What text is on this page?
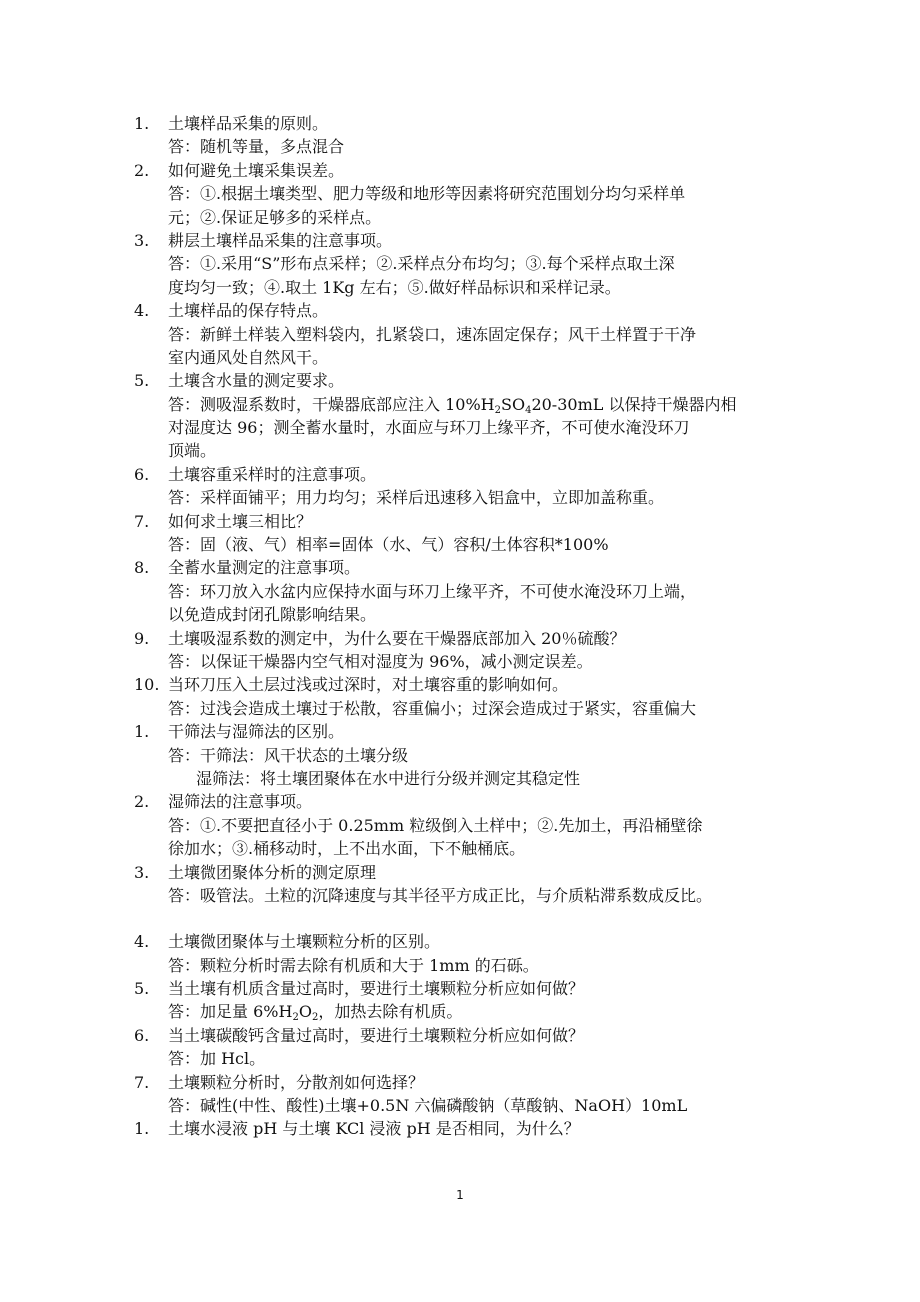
1. 土壤样品采集的原则。
答：随机等量，多点混合
2. 如何避免土壤采集误差。
答：①.根据土壤类型、肥力等级和地形等因素将研究范围划分均匀采样单
元；②.保证足够多的采样点。
3. 耕层土壤样品采集的注意事项。
答：①.采用“S”形布点采样；②.采样点分布均匀；③.每个采样点取土深
度均匀一致；④.取土 1Kg 左右；⑤.做好样品标识和采样记录。
4. 土壤样品的保存特点。
答：新鲜土样装入塑料袋内，扎紧袋口，速冻固定保存；风干土样置于干净
室内通风处自然风干。
5. 土壤含水量的测定要求。
答：测吸湿系数时，干燥器底部应注入 $10\%H_2SO_420-30mL$ 以保持干燥器内相
对湿度达 96；测全蓄水量时，水面应与环刀上缘平齐，不可使水淹没环刀
顶端。
6. 土壤容重采样时的注意事项。
答：采样面铺平；用力均匀；采样后迅速移入铝盒中，立即加盖称重。
7. 如何求土壤三相比？
答：固（液、气）相率=固体（水、气）容积/土体容积*100%
8. 全蓄水量测定的注意事项。
答：环刀放入水盆内应保持水面与环刀上缘平齐，不可使水淹没环刀上端，
以免造成封闭孔隙影响结果。
9. 土壤吸湿系数的测定中，为什么要在干燥器底部加入 20％硫酸？
答：以保证干燥器内空气相对湿度为 96%，减小测定误差。
10. 当环刀压入土层过浅或过深时，对土壤容重的影响如何。
答：过浅会造成土壤过于松散，容重偏小；过深会造成过于紧实，容重偏大
1. 干筛法与湿筛法的区别。
答：干筛法：风干状态的土壤分级
湿筛法：将土壤团聚体在水中进行分级并测定其稳定性
2. 湿筛法的注意事项。
答：①.不要把直径小于 0.25mm 粒级倒入土样中；②.先加土，再沿桶壁徐
徐加水；③.桶移动时，上不出水面，下不触桶底。
3. 土壤微团聚体分析的测定原理
答：吸管法。土粒的沉降速度与其半径平方成正比，与介质粘滞系数成反比。
4. 土壤微团聚体与土壤颗粒分析的区别。
答：颗粒分析时需去除有机质和大于 1mm 的石砾。
5. 当土壤有机质含量过高时，要进行土壤颗粒分析应如何做？
答：加足量 $6\%H_2O_2$，加热去除有机质。
6. 当土壤碳酸钙含量过高时，要进行土壤颗粒分析应如何做？
答：加 Hcl。
7. 土壤颗粒分析时，分散剂如何选择？
答：碱性(中性、酸性)土壤+0.5N 六偏磷酸钠（草酸钠、NaOH）10mL
1. 土壤水浸液 pH 与土壤 KCl 浸液 pH 是否相同，为什么？
1
